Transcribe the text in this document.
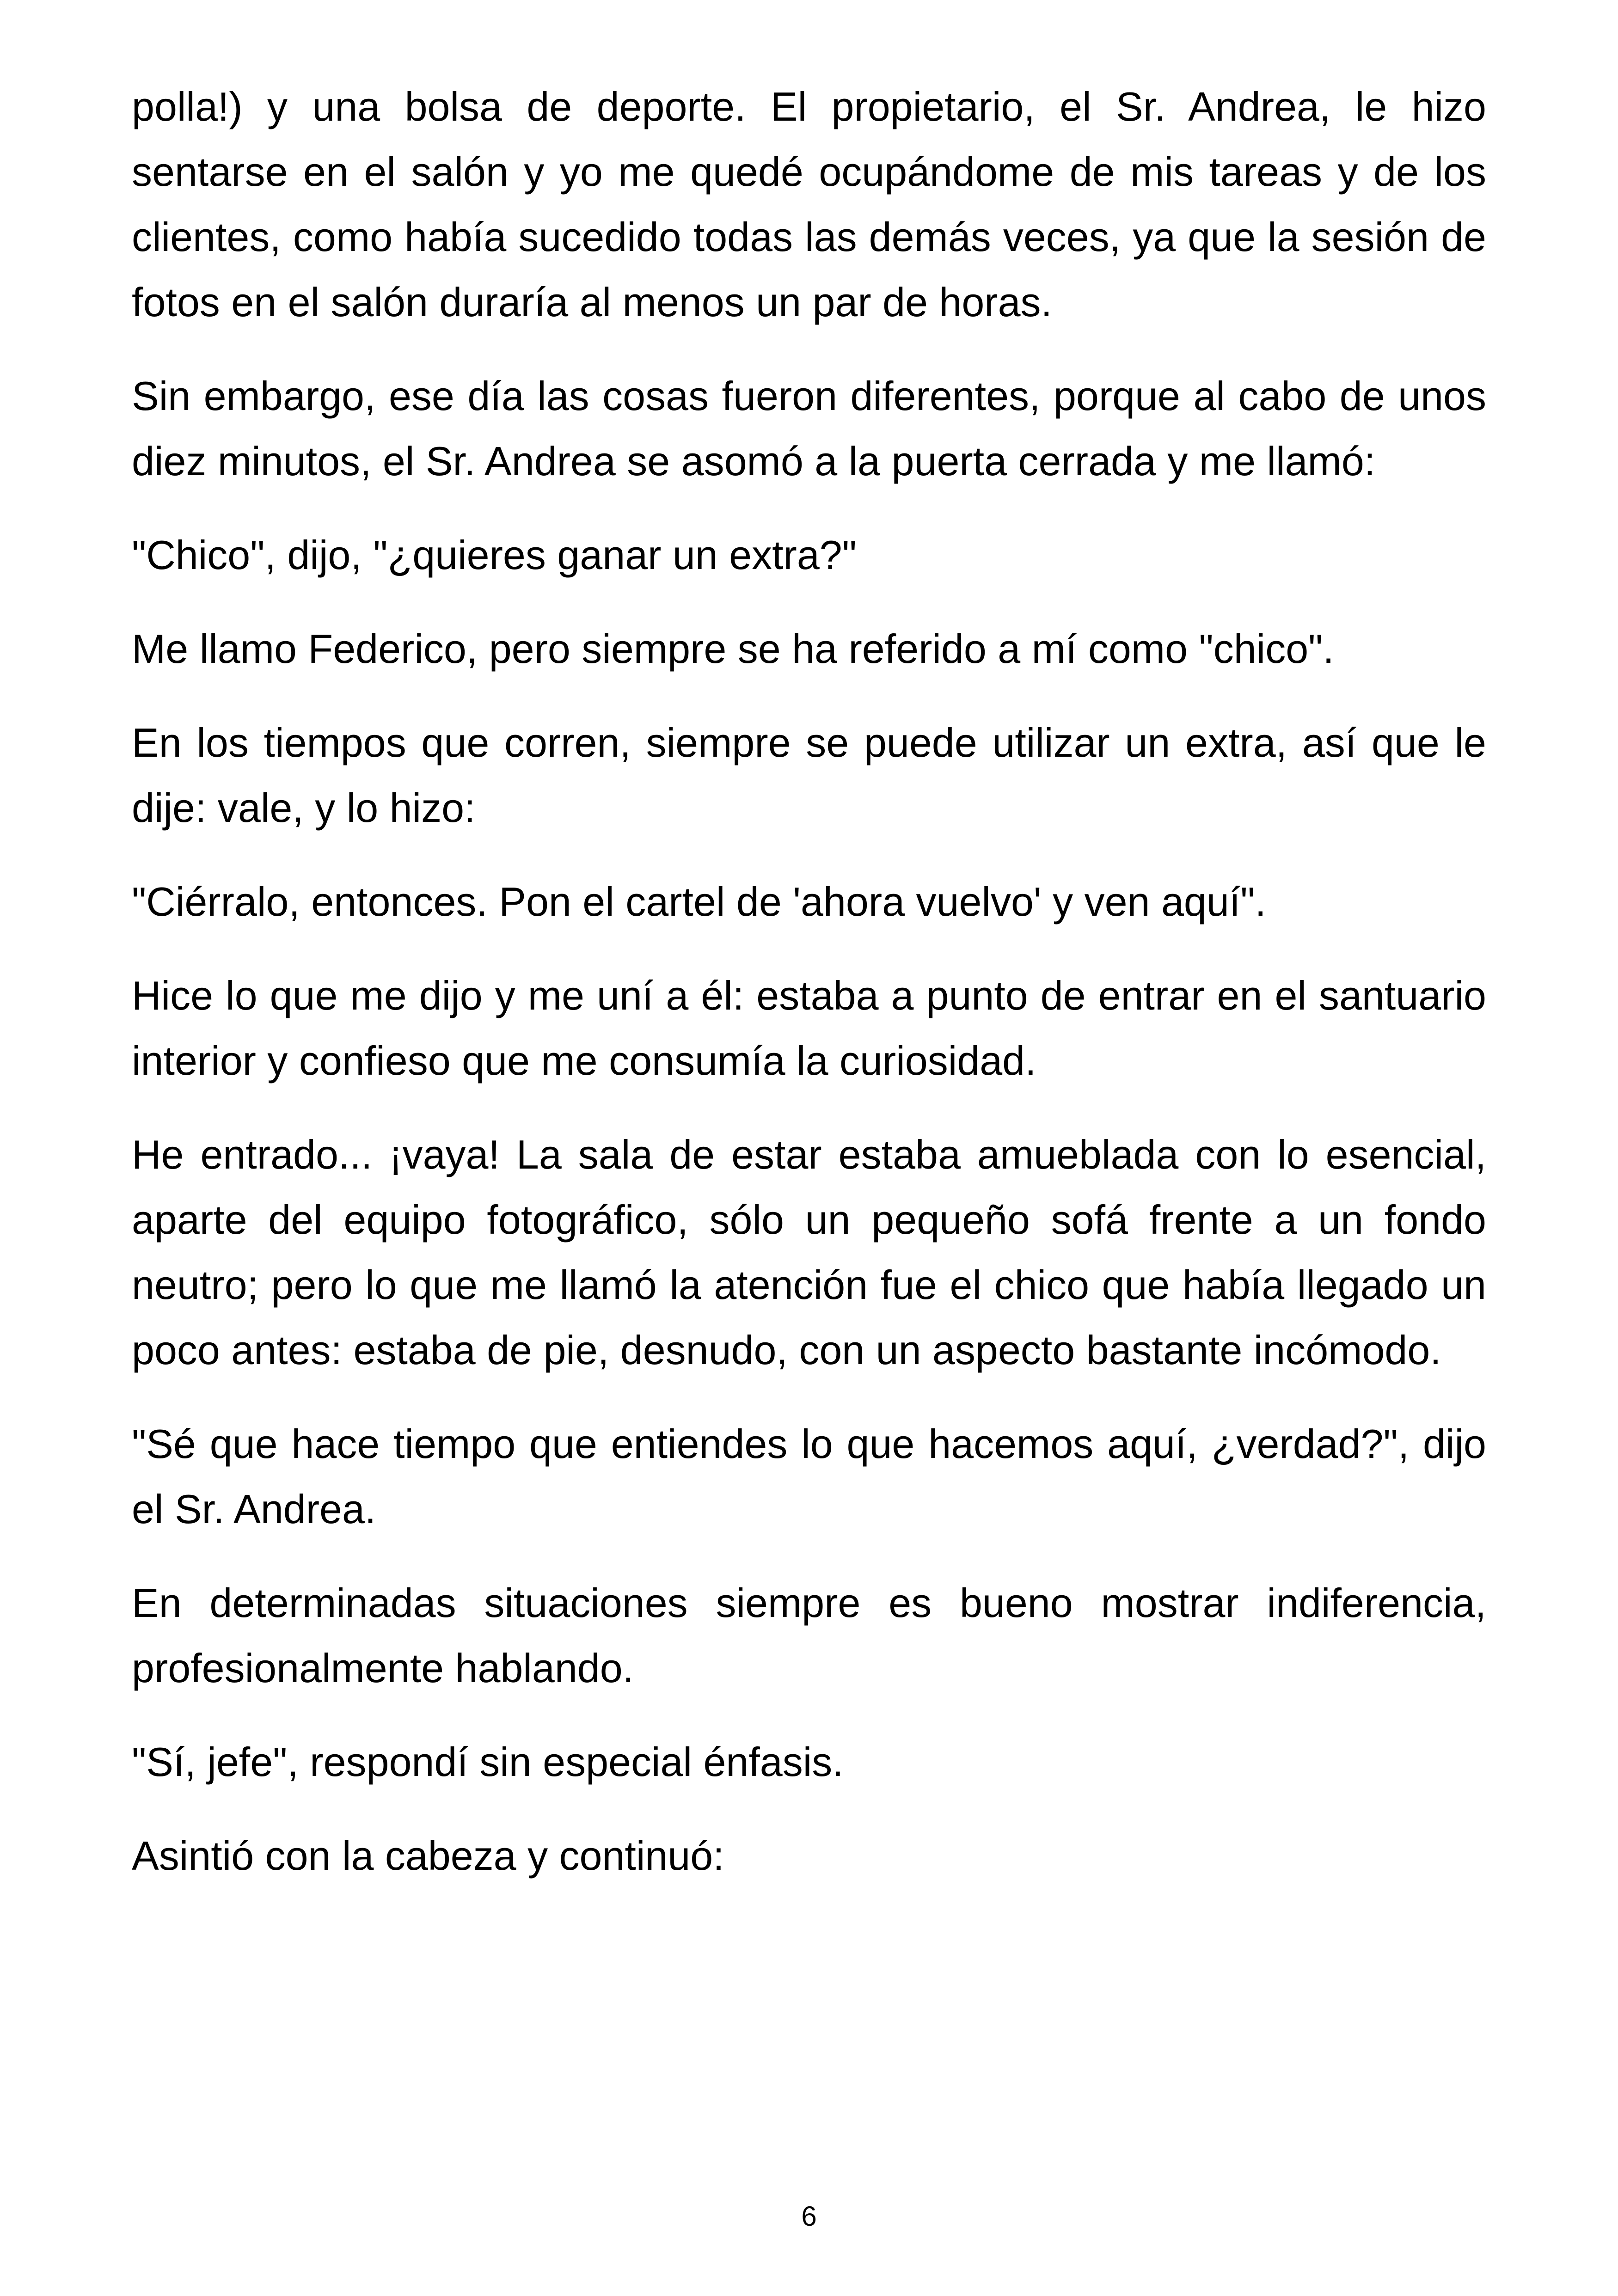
polla!) y una bolsa de deporte. El propietario, el Sr. Andrea, le hizo sentarse en el salón y yo me quedé ocupándome de mis tareas y de los clientes, como había sucedido todas las demás veces, ya que la sesión de fotos en el salón duraría al menos un par de horas.

Sin embargo, ese día las cosas fueron diferentes, porque al cabo de unos diez minutos, el Sr. Andrea se asomó a la puerta cerrada y me llamó:

"Chico", dijo, "¿quieres ganar un extra?"

Me llamo Federico, pero siempre se ha referido a mí como "chico".

En los tiempos que corren, siempre se puede utilizar un extra, así que le dije: vale, y lo hizo:

"Ciérralo, entonces. Pon el cartel de 'ahora vuelvo' y ven aquí".

Hice lo que me dijo y me uní a él: estaba a punto de entrar en el santuario interior y confieso que me consumía la curiosidad.

He entrado... ¡vaya! La sala de estar estaba amueblada con lo esencial, aparte del equipo fotográfico, sólo un pequeño sofá frente a un fondo neutro; pero lo que me llamó la atención fue el chico que había llegado un poco antes: estaba de pie, desnudo, con un aspecto bastante incómodo.

"Sé que hace tiempo que entiendes lo que hacemos aquí, ¿verdad?", dijo el Sr. Andrea.

En determinadas situaciones siempre es bueno mostrar indiferencia, profesionalmente hablando.

"Sí, jefe", respondí sin especial énfasis.

Asintió con la cabeza y continuó:

6
